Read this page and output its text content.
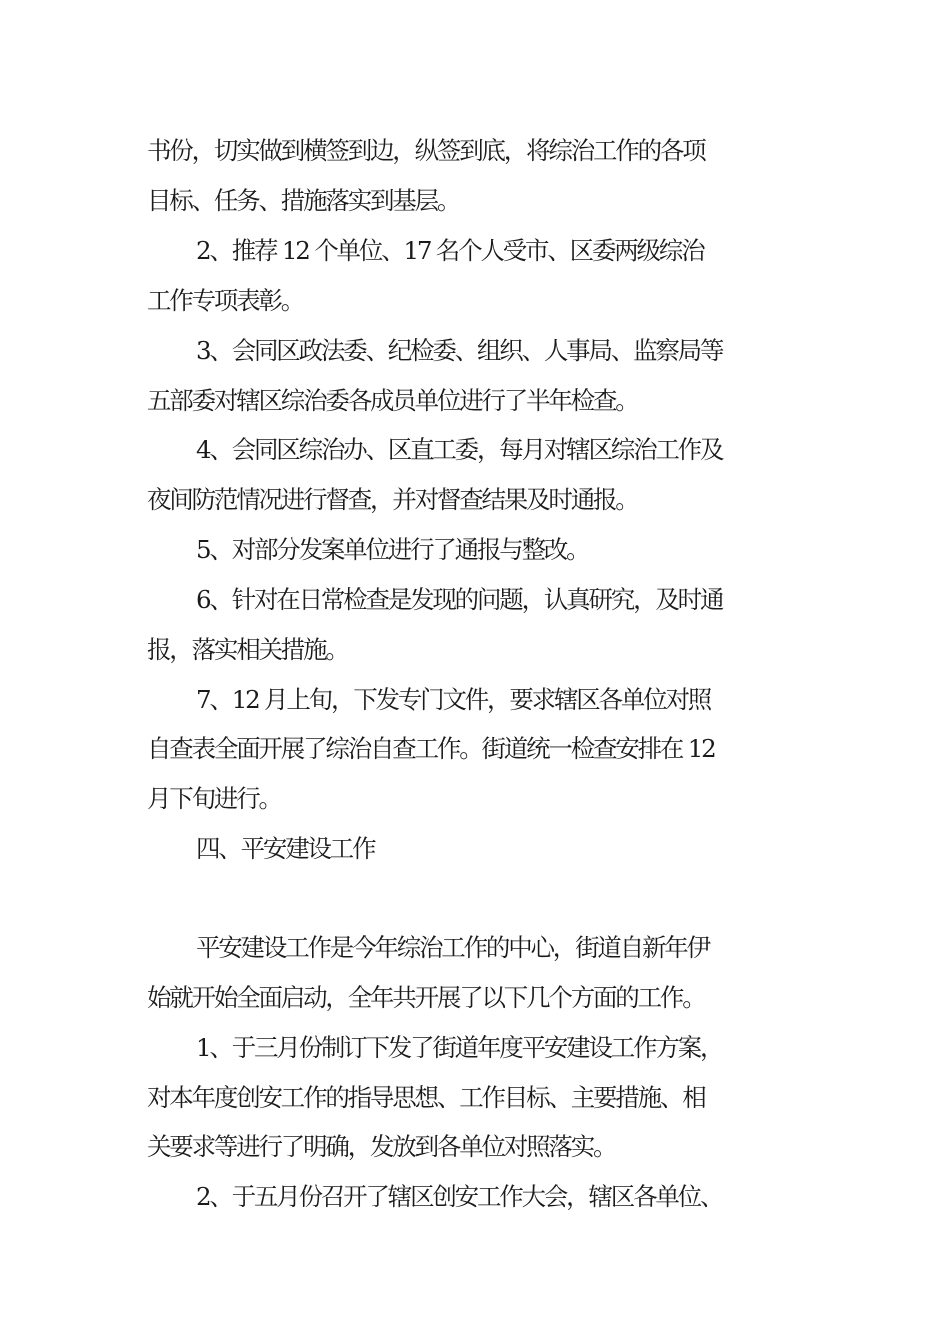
书份，切实做到横签到边，纵签到底，将综治工作的各项
目标、任务、措施落实到基层。
2、推荐 12 个单位、17 名个人受市、区委两级综治
工作专项表彰。
3、会同区政法委、纪检委、组织、人事局、监察局等
五部委对辖区综治委各成员单位进行了半年检查。
4、会同区综治办、区直工委，每月对辖区综治工作及
夜间防范情况进行督查，并对督查结果及时通报。
5、对部分发案单位进行了通报与整改。
6、针对在日常检查是发现的问题，认真研究，及时通
报，落实相关措施。
7、12 月上旬，下发专门文件，要求辖区各单位对照
自查表全面开展了综治自查工作。街道统一检查安排在 12
月下旬进行。
四、平安建设工作
平安建设工作是今年综治工作的中心，街道自新年伊
始就开始全面启动，全年共开展了以下几个方面的工作。
1、于三月份制订下发了街道年度平安建设工作方案，
对本年度创安工作的指导思想、工作目标、主要措施、相
关要求等进行了明确，发放到各单位对照落实。
2、于五月份召开了辖区创安工作大会，辖区各单位、
